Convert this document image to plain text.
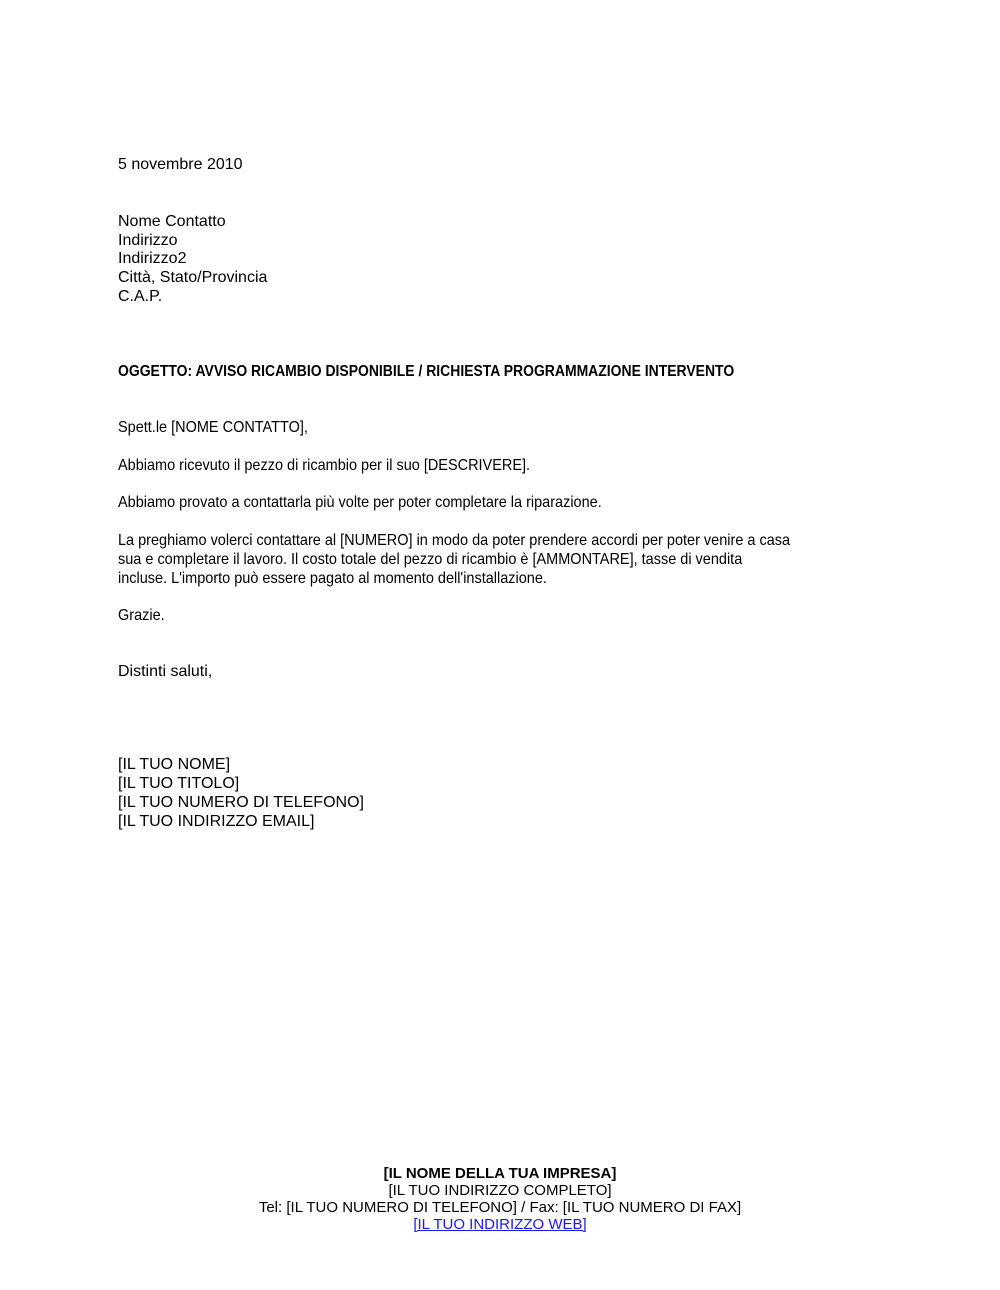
5 novembre 2010
Nome Contatto
Indirizzo
Indirizzo2
Città, Stato/Provincia
C.A.P.
OGGETTO: AVVISO RICAMBIO DISPONIBILE / RICHIESTA PROGRAMMAZIONE INTERVENTO
Spett.le [NOME CONTATTO],
Abbiamo ricevuto il pezzo di ricambio per il suo [DESCRIVERE].
Abbiamo provato a contattarla più volte per poter completare la riparazione.
La preghiamo volerci contattare al [NUMERO] in modo da poter prendere accordi per poter venire a casa
sua e completare il lavoro. Il costo totale del pezzo di ricambio è [AMMONTARE], tasse di vendita
incluse. L'importo può essere pagato al momento dell'installazione.
Grazie.
Distinti saluti,
[IL TUO NOME]
[IL TUO TITOLO]
[IL TUO NUMERO DI TELEFONO]
[IL TUO INDIRIZZO EMAIL]
[IL NOME DELLA TUA IMPRESA]
[IL TUO INDIRIZZO COMPLETO]
Tel: [IL TUO NUMERO DI TELEFONO] / Fax: [IL TUO NUMERO DI FAX]
[IL TUO INDIRIZZO WEB]
